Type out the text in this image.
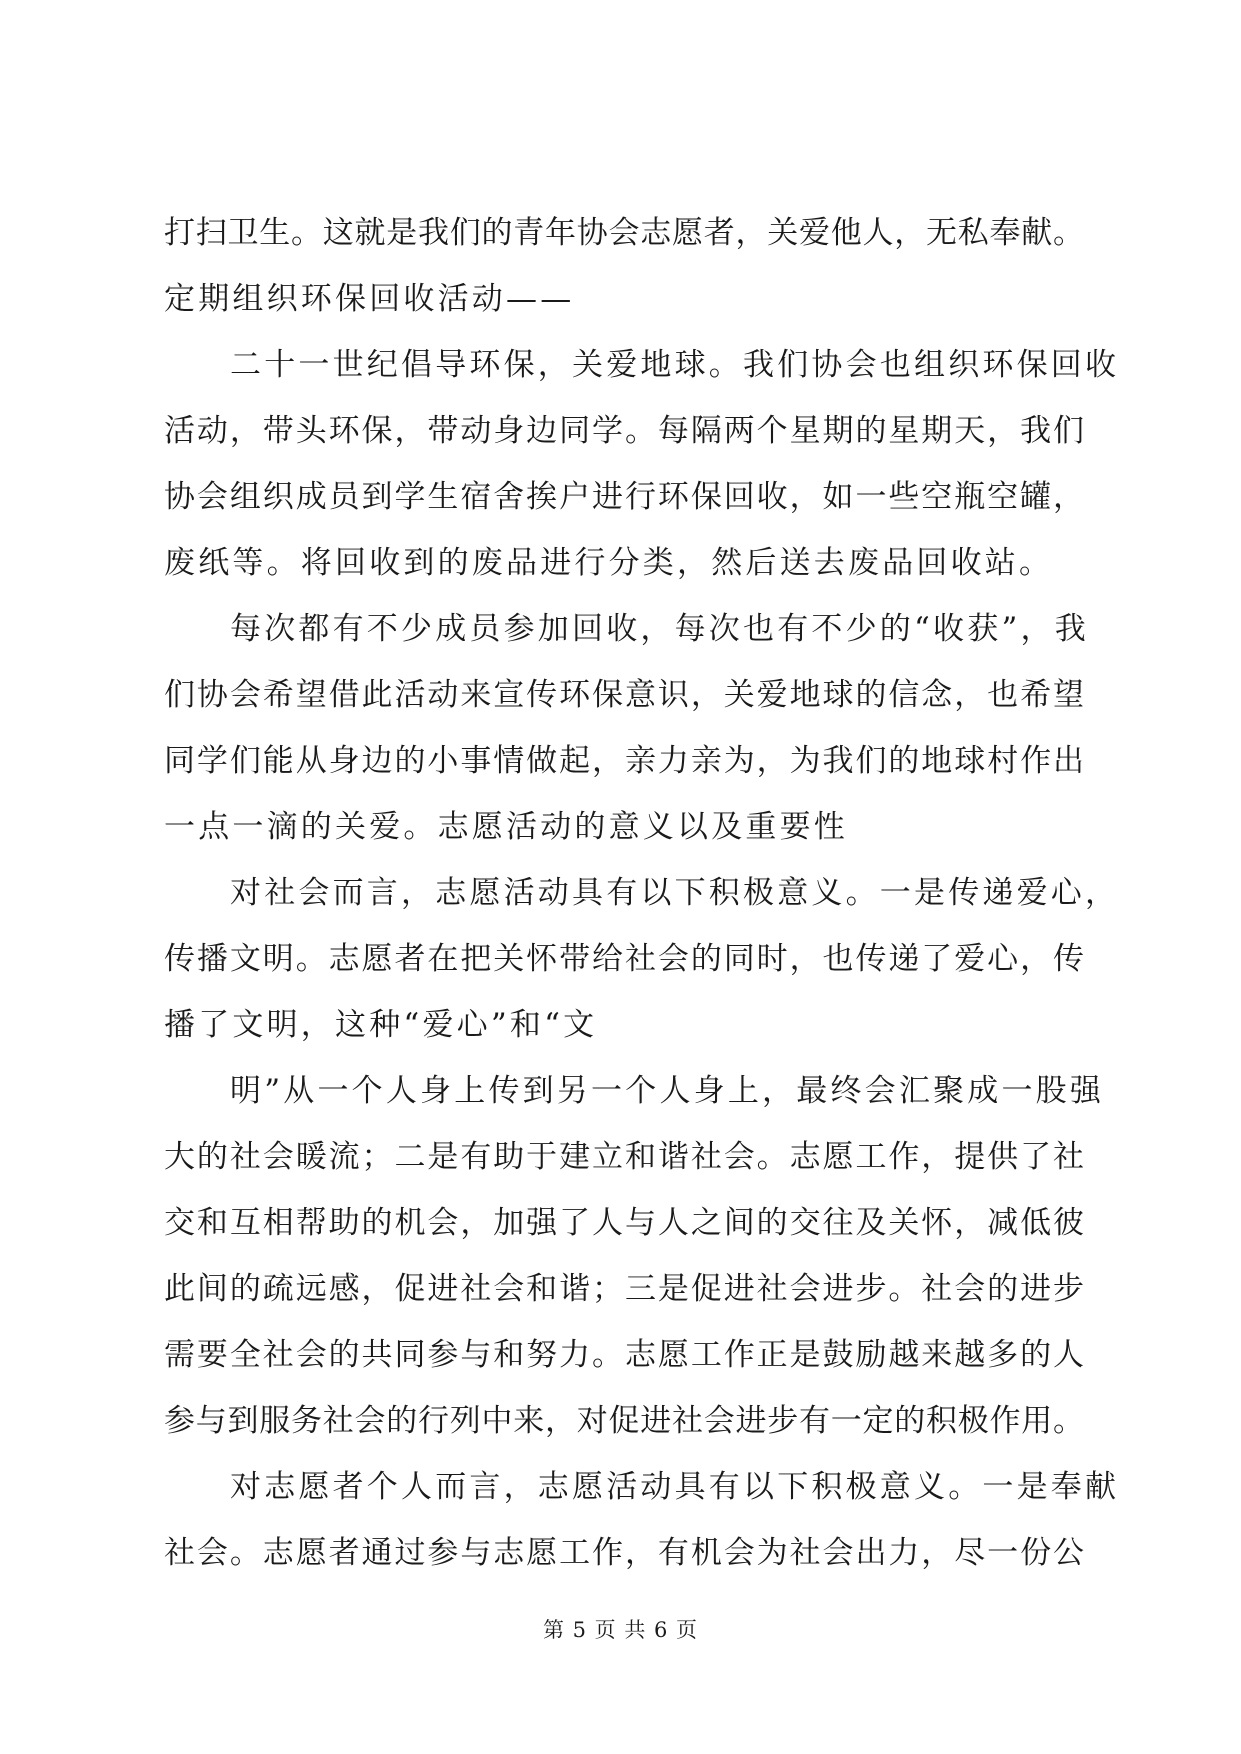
打扫卫生。这就是我们的青年协会志愿者，关爱他人，无私奉献。
定期组织环保回收活动——
二十一世纪倡导环保，关爱地球。我们协会也组织环保回收
活动，带头环保，带动身边同学。每隔两个星期的星期天，我们
协会组织成员到学生宿舍挨户进行环保回收，如一些空瓶空罐，
废纸等。将回收到的废品进行分类，然后送去废品回收站。
每次都有不少成员参加回收，每次也有不少的“收获”，我
们协会希望借此活动来宣传环保意识，关爱地球的信念，也希望
同学们能从身边的小事情做起，亲力亲为，为我们的地球村作出
一点一滴的关爱。志愿活动的意义以及重要性
对社会而言，志愿活动具有以下积极意义。一是传递爱心，
传播文明。志愿者在把关怀带给社会的同时，也传递了爱心，传
播了文明，这种“爱心”和“文
明”从一个人身上传到另一个人身上，最终会汇聚成一股强
大的社会暖流；二是有助于建立和谐社会。志愿工作，提供了社
交和互相帮助的机会，加强了人与人之间的交往及关怀，减低彼
此间的疏远感，促进社会和谐；三是促进社会进步。社会的进步
需要全社会的共同参与和努力。志愿工作正是鼓励越来越多的人
参与到服务社会的行列中来，对促进社会进步有一定的积极作用。
对志愿者个人而言，志愿活动具有以下积极意义。一是奉献
社会。志愿者通过参与志愿工作，有机会为社会出力，尽一份公
第 5 页 共 6 页
